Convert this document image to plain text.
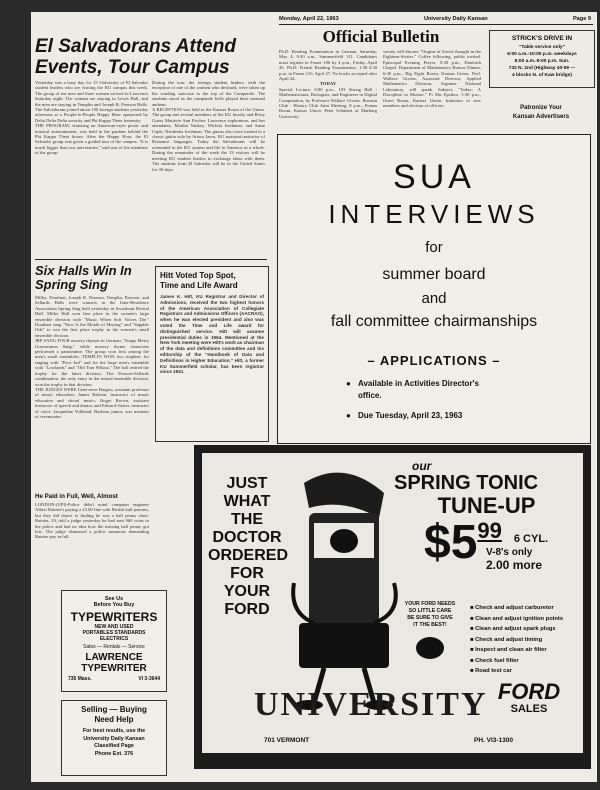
Monday, April 22, 1963	University Daily Kansan	Page 9
El Salvadorans Attend Events, Tour Campus
Yesterday was a busy day for 15 University of El Salvador student leaders who are visiting the KU campus this week. The group of ten men and three women arrived in Lawrence Saturday night. The women are staying in Lewis Hall, and the men are staying in Templin and Joseph R. Pearson Halls. The Salvadorans joined about 100 foreign students yesterday afternoon at a People-to-People Happy Hour sponsored by Delta Delta Delta sorority and Phi Kappa Theta fraternity.
THE PROGRAM, featuring an American-style picnic and musical entertainment, was held in the gardens behind the Phi Kappa Theta house. After the Happy Hour, the El Salvador group was given a guided tour of the campus. "It is much bigger than our universities," said one of the members of the group.
During the tour, the foreign student leaders, with the exception of one of the women who declined, were taken up the winding staircase to the top of the Campanile. The students stood as the campanile bells played their national anthem.
A RECEPTION was held in the Kansas Room of the Union. The group met several members of the KU faculty and Betsy Guess Marjorie Ann Fischer, Lawrence sophomore, and her attendants, Martha Yankey, Wichita freshman, and Susie Caple, Neodesha freshman. The guests also were treated to a classic guitar solo by Arturo Jasso, KU assistant instructor of Romance languages. Today the Salvadorans will be orientated to the KU system and life in America as a whole. During the remainder of the week the 13 visitors will be meeting KU student leaders to exchange ideas with them. The students from El Salvador will be in the United States for 30 days.
Official Bulletin
Ph.D. Reading Examination in German, Saturday, May 4, 9:30 a.m., Summerfield 111. Candidates must register in Fraser 106 by 4 p.m., Friday, April 26. Ph.D. French Reading Examination, 1:30-3:30 p.m. in Fraser 116. April 27. No books accepted after April 24.

TODAY
Special Lecture, 8:00 p.m., 103 Strong Hall - Mathematicians, Biologists, and Engineers in Digital Computation, by Professor Wallace Givens. Russian Club - History Club Joint Meeting, 8 p.m., Forum Room, Kansas Union. Peter Schubert of Marburg University.
versity will discuss "Origins of Soviet thought in the Eighteen-Sixties." Coffee following, public invited. Episcopal Evening Prayer, 5:30 p.m., Danforth Chapel. Department of Mathematics Honors Dinner, 6:30 p.m., Big Eight Room, Kansas Union. Prof. Wallace Givens, Associate Director, Applied Mathematics Division, Argonne National Laboratory, will speak. Subject: "Today: A Discipline in Motion." Pi Mu Epsilon, 5:30 p.m., Ornot Room, Kansas Union. Initiation of new members and election of officers.
STRICK'S DRIVE IN
"Table service only"
6:00 a.m.-10:00 p.m. weekdays
8:00 a.m.-9:00 p.m. Sun.
732 N. 2nd (Highway 40-59 —
4 blocks N. of Kaw bridge)
Patronize Your
Kansan Advertisers
SUA
INTERVIEWS
for
summer board
and
fall committee chairmanships
– APPLICATIONS –
● Available in Activities Director's office.
● Due Tuesday, April 23, 1963
Six Halls Win In Spring Sing
Miller, Douthart, Joseph R. Pearson, Templin, Pearson, and Sellards Halls were winners in the Inter-Residence Association Spring Sing held yesterday in Swarthout Recital Hall. Miller Hall won first place in the women's large ensemble division with "Music When Soft Voices Die." Douthart sang "Now Is the Month of Maying" and "Sapphic Ode" to win the first place trophy in the women's small ensemble division.
JRP SANG FOUR nursery rhymes in German, "Songs Merry Groomsmen Sang," while nursery rhyme characters performed a pantomime. The group won first among the men's small ensembles. TEMPLIN WON two trophies: for staging with "Poor Jud" and for the large men's ensemble with "Lowlands" and "Old Tom Wilson." The ball retired the trophy for the latter division. The Pearson-Sellards combination, the only entry in the mixed ensemble division, won the trophy in that division.
THE JUDGES WERE Genevieve Hargiss, assistant professor of music education; James Ralston, instructor of music education and choral music; Roger Brown, assistant instructor of speech and drama; and Edward Souter, instructor of voice. Jacqueline Volkland, Bushton junior, was mistress of ceremonies.
He Paid in Full, Well, Almost
LONDON-(UPI)-Police didn't mind computer engineer Albert Rainier's paying a £3.60 fine with British half pennies, but they did object to finding he was a half penny short. Rainier, 29, told a judge yesterday he had sent 960 coins to the police and had no idea how the missing half penny got lost. The judge dismissed a police summons demanding Rainier pay in full.
Hitt Voted Top Spot,
Time and Life Award
James K. Hitt, KU Registrar and Director of Admissions, received the two highest honors of the American Association of Collegiate Registrars and Admissions Officers (AACRAO), when he was elected president and also was voted the Time and Life award for distinguished service. Hitt will assume presidential duties in 1964. Mentioned at the New York meeting were Hitt's work as chairman of the data and definitions committee and his editorship of the "Handbook of Data and Definitions in Higher Education." Hitt, a former KU Summerfield scholar, has been registrar since 1941.
See Us
Before You Buy
TYPEWRITERS
NEW AND USED
PORTABLES STANDARDS
ELECTRICS
Sales — Rentals — Service
LAWRENCE
TYPEWRITER
735 Mass.	VI 3-3644
Selling — Buying
Need Help
For best results, use the
University Daily Kansan
Classified Page
Phone Ext. 376
JUST
WHAT
THE
DOCTOR
ORDERED
FOR
YOUR
FORD
our
SPRING TONIC
TUNE-UP
$5 99 6 CYL.
V-8's only
2.00 more
YOUR FORD NEEDS
SO LITTLE CARE
BE SURE TO GIVE
IT THE BEST!
■ Check and adjust carburetor
■ Clean and adjust ignition points
■ Clean and adjust spark plugs
■ Check and adjust timing
■ Inspect and clean air filter
■ Check fuel filter
■ Road test car
UNIVERSITY FORD
SALES
701 VERMONT	PH. VI3-1300
